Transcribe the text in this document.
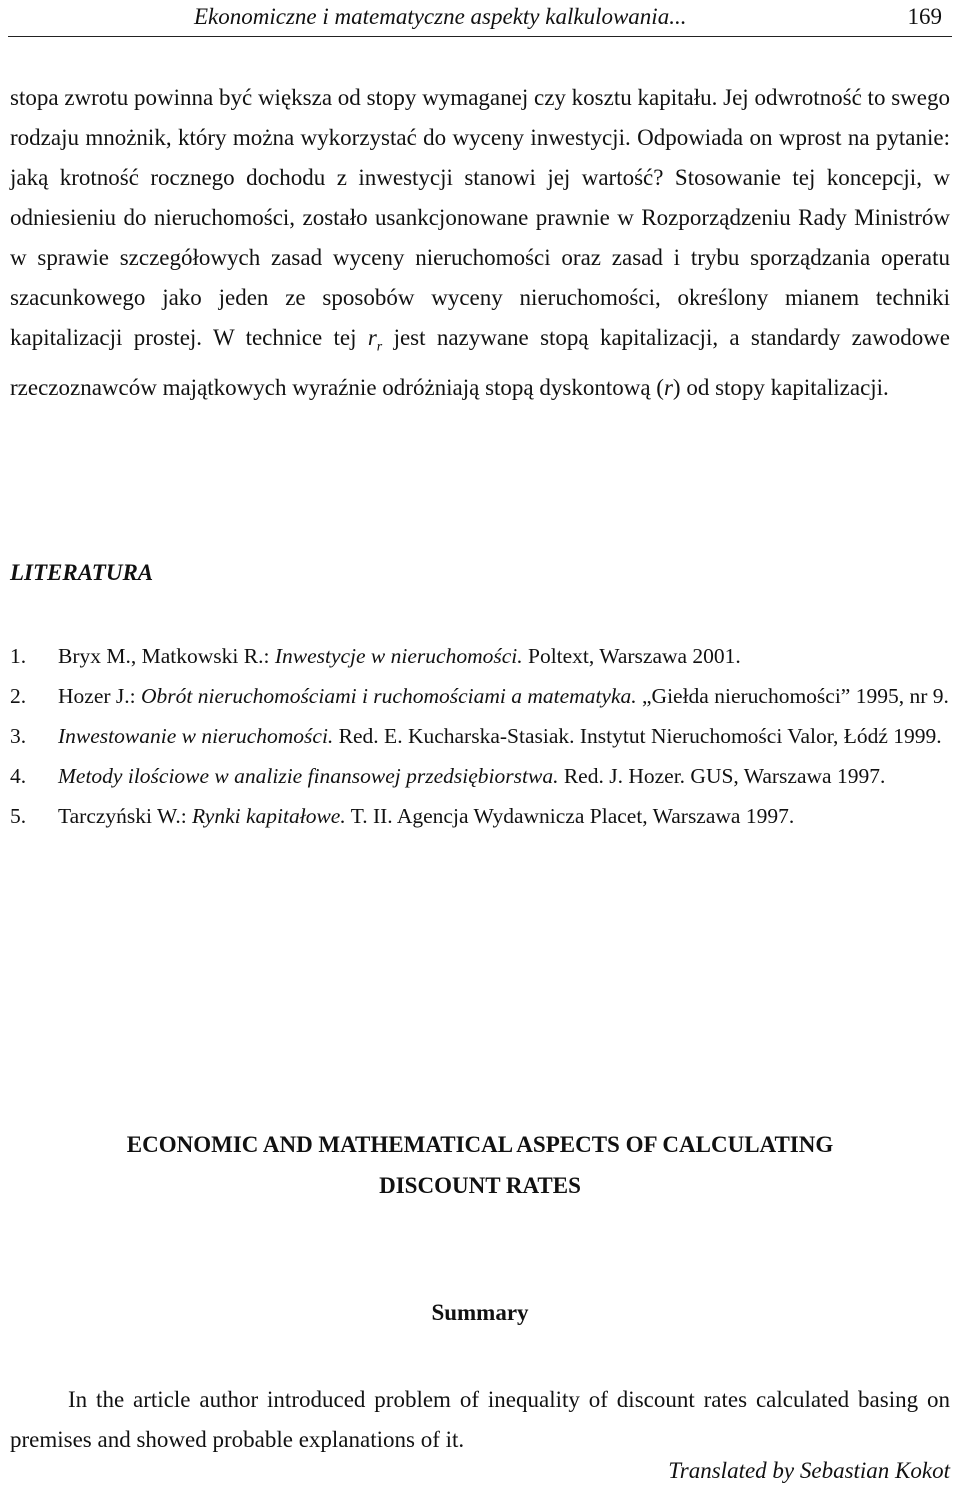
Ekonomiczne i matematyczne aspekty kalkulowania...	169

stopa zwrotu powinna być większa od stopy wymaganej czy kosztu kapitału. Jej odwrotność to swego rodzaju mnożnik, który można wykorzystać do wyceny inwestycji. Odpowiada on wprost na pytanie: jaką krotność rocznego dochodu z inwestycji stanowi jej wartość? Stosowanie tej koncepcji, w odniesieniu do nieruchomości, zostało usankcjonowane prawnie w Rozporządzeniu Rady Ministrów w sprawie szczegółowych zasad wyceny nieruchomości oraz zasad i trybu sporządzania operatu szacunkowego jako jeden ze sposobów wyceny nieruchomości, określony mianem techniki kapitalizacji prostej. W technice tej $r_r$ jest nazywane stopą kapitalizacji, a standardy zawodowe rzeczoznawców majątkowych wyraźnie odróżniają stopą dyskontową (r) od stopy kapitalizacji.

LITERATURA
1. Bryx M., Matkowski R.: Inwestycje w nieruchomości. Poltext, Warszawa 2001.
2. Hozer J.: Obrót nieruchomościami i ruchomościami a matematyka. „Giełda nieruchomości” 1995, nr 9.
3. Inwestowanie w nieruchomości. Red. E. Kucharska-Stasiak. Instytut Nieruchomości Valor, Łódź 1999.
4. Metody ilościowe w analizie finansowej przedsiębiorstwa. Red. J. Hozer. GUS, Warszawa 1997.
5. Tarczyński W.: Rynki kapitałowe. T. II. Agencja Wydawnicza Placet, Warszawa 1997.
ECONOMIC AND MATHEMATICAL ASPECTS OF CALCULATING
DISCOUNT RATES
Summary

In the article author introduced problem of inequality of discount rates calculated basing on premises and showed probable explanations of it.

Translated by Sebastian Kokot
